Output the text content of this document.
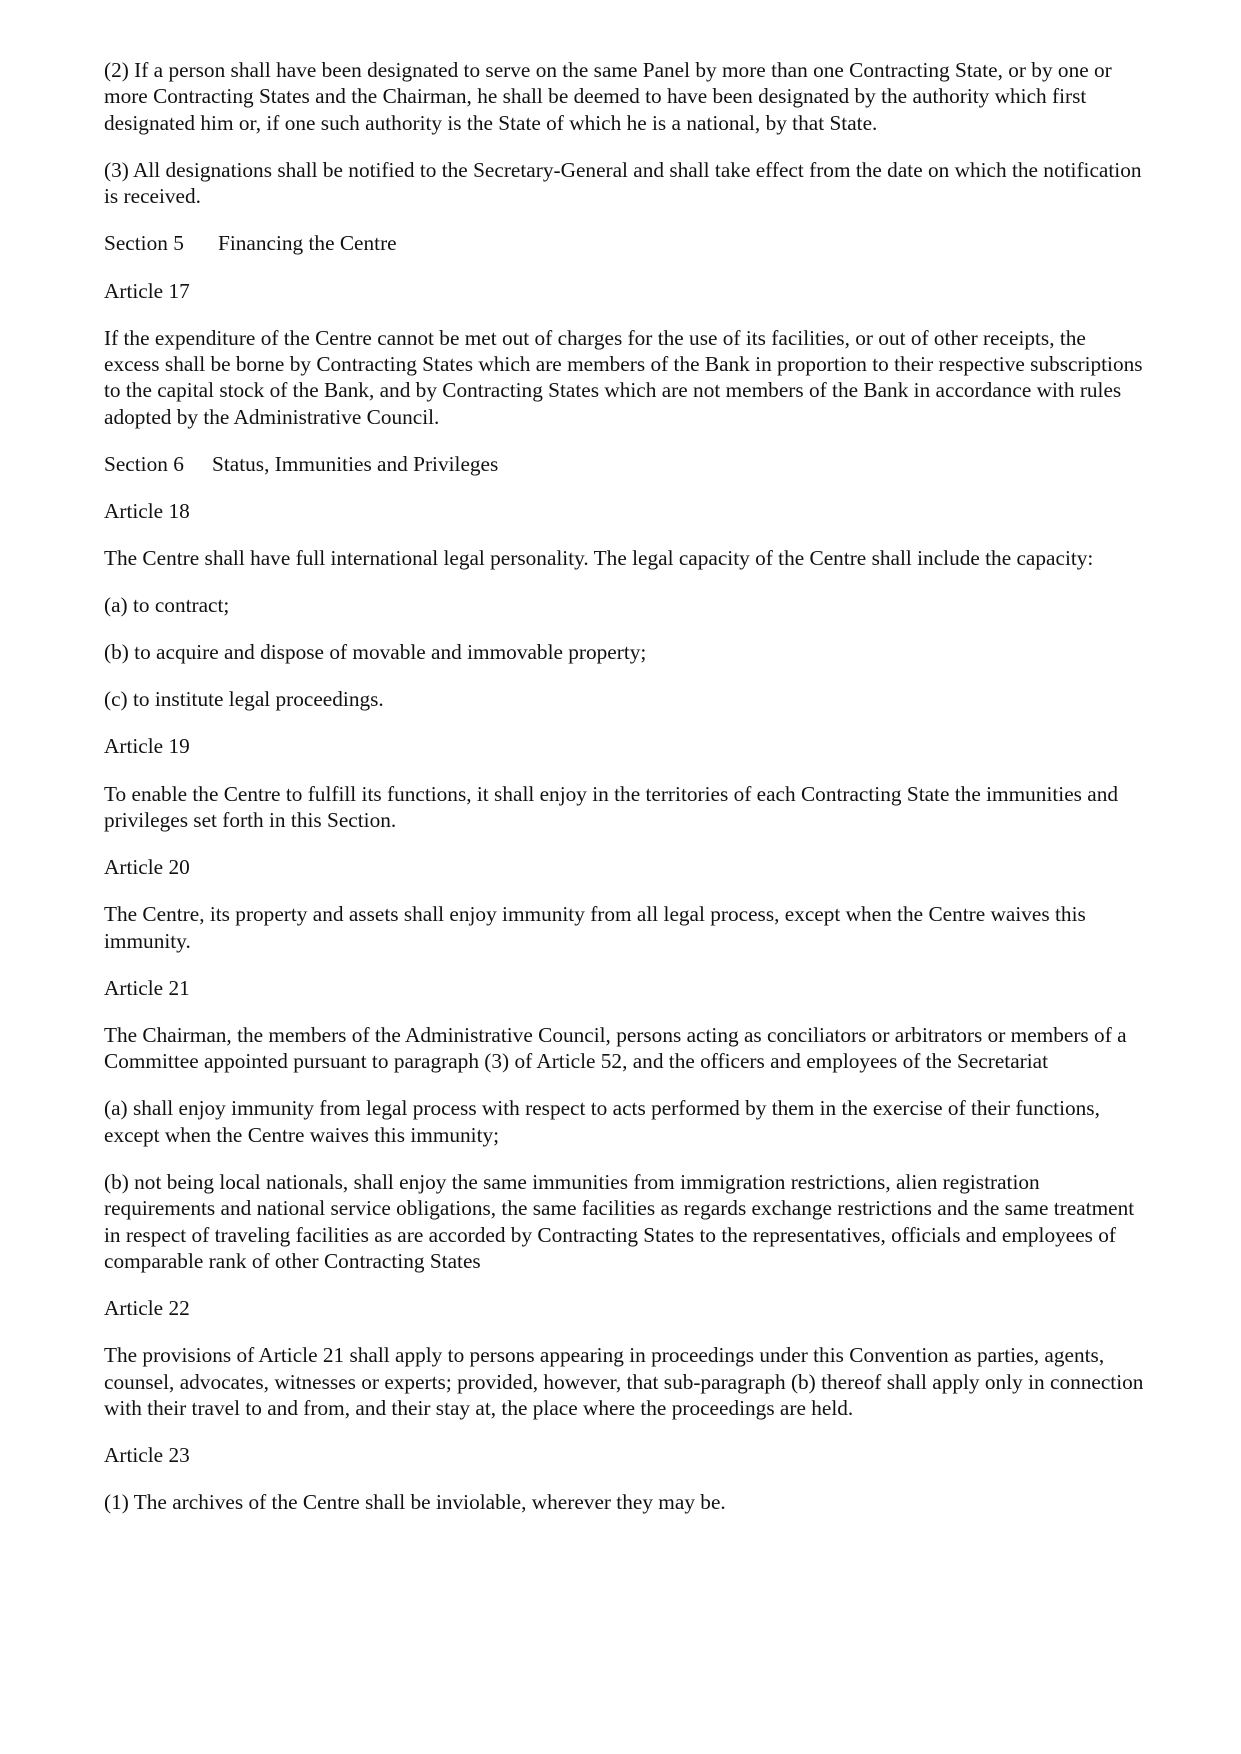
(2) If a person shall have been designated to serve on the same Panel by more than one Contracting State, or by one or more Contracting States and the Chairman, he shall be deemed to have been designated by the authority which first designated him or, if one such authority is the State of which he is a national, by that State.

(3) All designations shall be notified to the Secretary-General and shall take effect from the date on which the notification is received.

Section 5 Financing the Centre

Article 17

If the expenditure of the Centre cannot be met out of charges for the use of its facilities, or out of other receipts, the excess shall be borne by Contracting States which are members of the Bank in proportion to their respective subscriptions to the capital stock of the Bank, and by Contracting States which are not members of the Bank in accordance with rules adopted by the Administrative Council.

Section 6 Status, Immunities and Privileges

Article 18

The Centre shall have full international legal personality. The legal capacity of the Centre shall include the capacity:

(a) to contract;

(b) to acquire and dispose of movable and immovable property;

(c) to institute legal proceedings.

Article 19

To enable the Centre to fulfill its functions, it shall enjoy in the territories of each Contracting State the immunities and privileges set forth in this Section.

Article 20

The Centre, its property and assets shall enjoy immunity from all legal process, except when the Centre waives this immunity.

Article 21

The Chairman, the members of the Administrative Council, persons acting as conciliators or arbitrators or members of a Committee appointed pursuant to paragraph (3) of Article 52, and the officers and employees of the Secretariat

(a) shall enjoy immunity from legal process with respect to acts performed by them in the exercise of their functions, except when the Centre waives this immunity;

(b) not being local nationals, shall enjoy the same immunities from immigration restrictions, alien registration requirements and national service obligations, the same facilities as regards exchange restrictions and the same treatment in respect of traveling facilities as are accorded by Contracting States to the representatives, officials and employees of comparable rank of other Contracting States

Article 22

The provisions of Article 21 shall apply to persons appearing in proceedings under this Convention as parties, agents, counsel, advocates, witnesses or experts; provided, however, that sub-paragraph (b) thereof shall apply only in connection with their travel to and from, and their stay at, the place where the proceedings are held.

Article 23

(1) The archives of the Centre shall be inviolable, wherever they may be.
